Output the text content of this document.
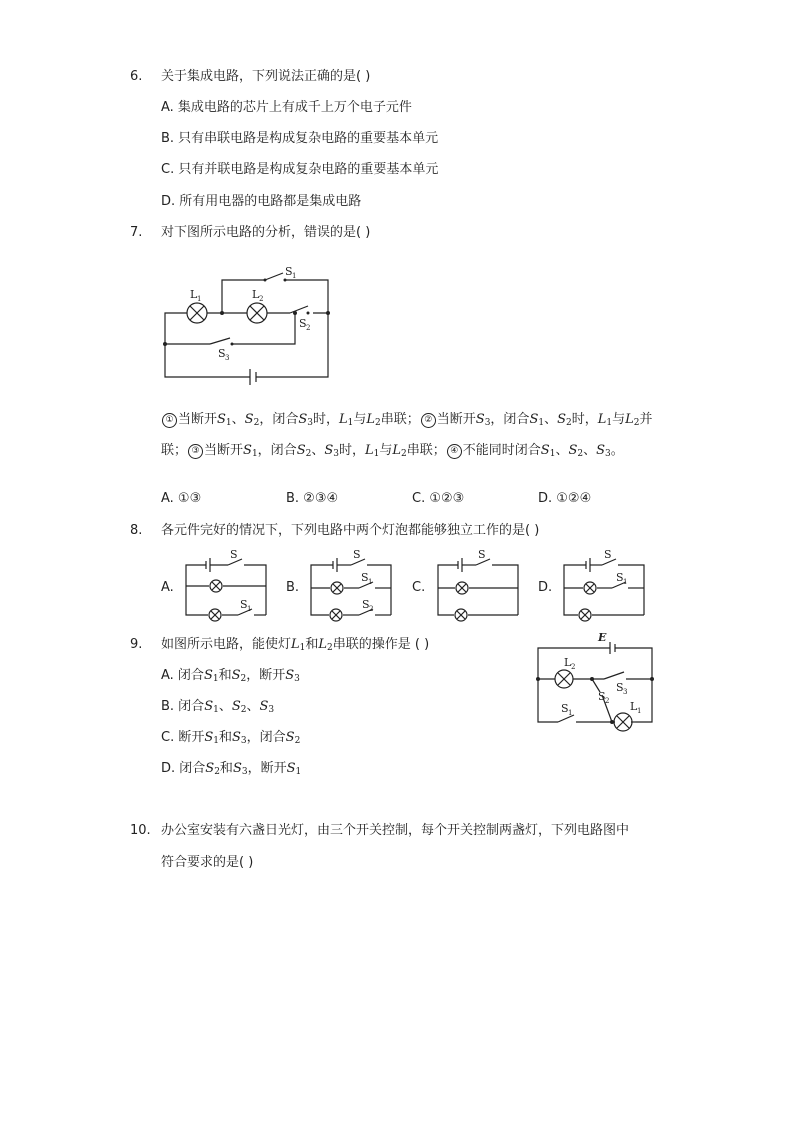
6. 关于集成电路，下列说法正确的是( )
A. 集成电路的芯片上有成千上万个电子元件
B. 只有串联电路是构成复杂电路的重要基本单元
C. 只有并联电路是构成复杂电路的重要基本单元
D. 所有用电器的电路都是集成电路
7. 对下图所示电路的分析，错误的是( )
L 1	L 2
S 1
S 2
S 3
① 当断开$S_1$、$S_2$，闭合$S_3$时，$L_1$与$L_2$串联； ② 当断开$S_3$，闭合$S_1$、$S_2$时，$L_1$与$L_2$并
联； ③ 当断开$S_1$，闭合$S_2$、$S_3$时，$L_1$与$L_2$串联； ④ 不能同时闭合$S_1$、$S_2$、$S_3$。
A. ①③	B. ②③④	C. ①②③	D. ①②④
8. 各元件完好的情况下，下列电路中两个灯泡都能够独立工作的是( )
A.	B.	C.	D.
S
S 1
S
S 1
S 2
S	S
S 1
9. 如图所示电路，能使灯$L_1$和$L_2$串联的操作是 ( )
A. 闭合$S_1$和$S_2$，断开$S_3$
B. 闭合$S_1$、$S_2$、$S_3$
C. 断开$S_1$和$S_3$，闭合$S_2$
D. 闭合$S_2$和$S_3$，断开$S_1$
E
L 2
S 3
S 2
S 1	L 1
10. 办公室安装有六盏日光灯，由三个开关控制，每个开关控制两盏灯，下列电路图中
符合要求的是( )
